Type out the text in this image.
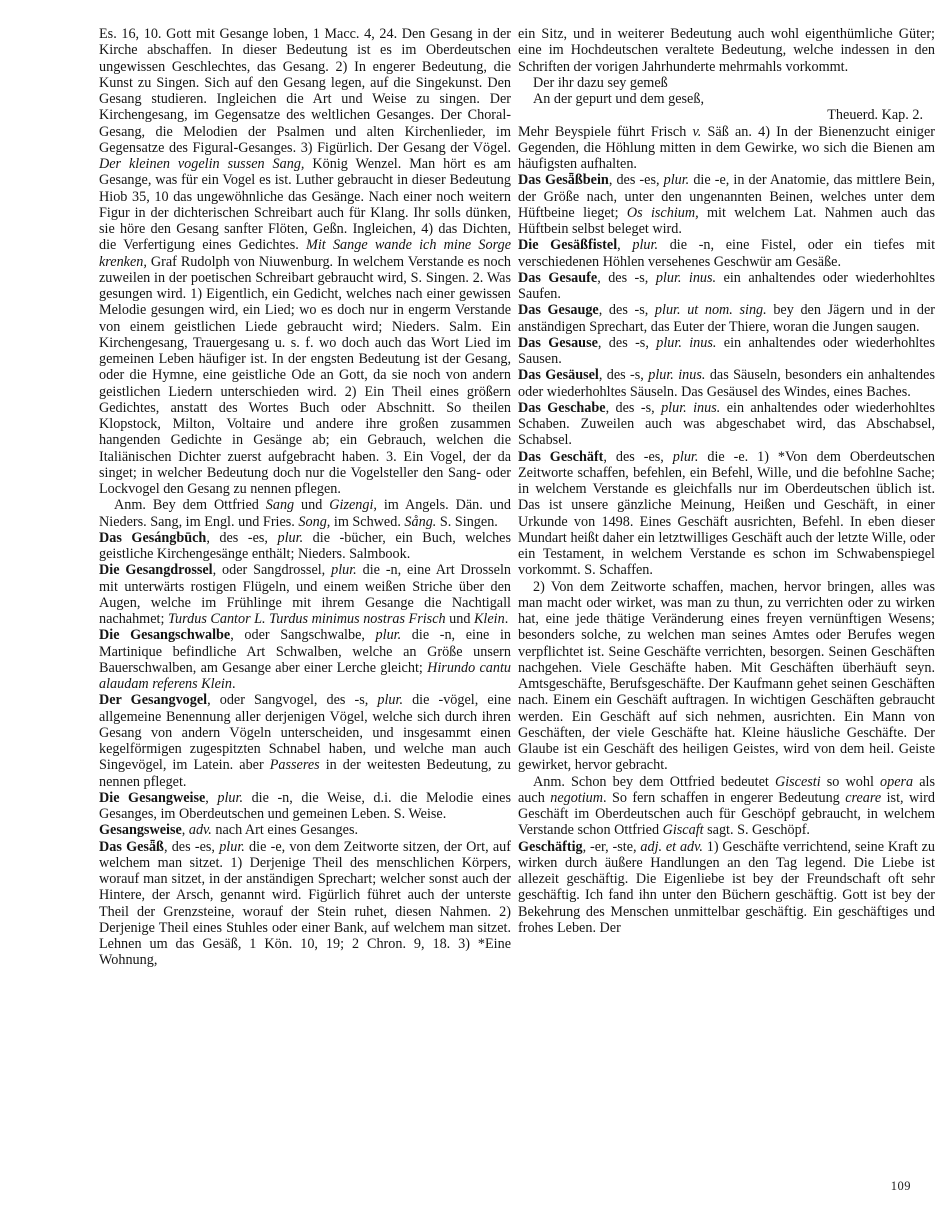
Es. 16, 10. Gott mit Gesange loben, 1 Macc. 4, 24. Den Gesang in der Kirche abschaffen. In dieser Bedeutung ist es im Oberdeutschen ungewissen Geschlechtes, das Gesang. 2) In engerer Bedeutung, die Kunst zu Singen. Sich auf den Gesang legen, auf die Singekunst. Den Gesang studieren. Ingleichen die Art und Weise zu singen. Der Kirchengesang, im Gegensatze des weltlichen Gesanges. Der Choral-Gesang, die Melodien der Psalmen und alten Kirchenlieder, im Gegensatze des Figural-Gesanges. 3) Figürlich. Der Gesang der Vögel. Der kleinen vogelin sussen Sang, König Wenzel. Man hört es am Gesange, was für ein Vogel es ist. Luther gebraucht in dieser Bedeutung Hiob 35, 10 das ungewöhnliche das Gesänge. Nach einer noch weitern Figur in der dichterischen Schreibart auch für Klang. Ihr solls dünken, sie höre den Gesang sanfter Flöten, Geßn. Ingleichen, 4) das Dichten, die Verfertigung eines Gedichtes. Mit Sange wande ich mine Sorge krenken, Graf Rudolph von Niuwenburg. In welchem Verstande es noch zuweilen in der poetischen Schreibart gebraucht wird, S. Singen. 2. Was gesungen wird. 1) Eigentlich, ein Gedicht, welches nach einer gewissen Melodie gesungen wird, ein Lied; wo es doch nur in engerm Verstande von einem geistlichen Liede gebraucht wird; Nieders. Salm. Ein Kirchengesang, Trauergesang u. s. f. wo doch auch das Wort Lied im gemeinen Leben häufiger ist. In der engsten Bedeutung ist der Gesang, oder die Hymne, eine geistliche Ode an Gott, da sie noch von andern geistlichen Liedern unterschieden wird. 2) Ein Theil eines größern Gedichtes, anstatt des Wortes Buch oder Abschnitt. So theilen Klopstock, Milton, Voltaire und andere ihre großen zusammen hangenden Gedichte in Gesänge ab; ein Gebrauch, welchen die Italiänischen Dichter zuerst aufgebracht haben. 3. Ein Vogel, der da singet; in welcher Bedeutung doch nur die Vogelsteller den Sang- oder Lockvogel den Gesang zu nennen pflegen.

Anm. Bey dem Ottfried Sang und Gizengi, im Angels. Dän. und Nieders. Sang, im Engl. und Fries. Song, im Schwed. Sång. S. Singen.

Das Gesángbūch, des -es, plur. die -bücher, ein Buch, welches geistliche Kirchengesänge enthält; Nieders. Salmbook.

Die Gesangdrossel, oder Sangdrossel, plur. die -n, eine Art Drosseln mit unterwärts rostigen Flügeln, und einem weißen Striche über den Augen, welche im Frühlinge mit ihrem Gesange die Nachtigall nachahmet; Turdus Cantor L. Turdus minimus nostras Frisch und Klein.

Die Gesangschwalbe, oder Sangschwalbe, plur. die -n, eine in Martinique befindliche Art Schwalben, welche an Größe unsern Bauerschwalben, am Gesange aber einer Lerche gleicht; Hirundo cantu alaudam referens Klein.

Der Gesangvogel, oder Sangvogel, des -s, plur. die -vögel, eine allgemeine Benennung aller derjenigen Vögel, welche sich durch ihren Gesang von andern Vögeln unterscheiden, und insgesammt einen kegelförmigen zugespitzten Schnabel haben, und welche man auch Singevögel, im Latein. aber Passeres in der weitesten Bedeutung, zu nennen pfleget.

Die Gesangweise, plur. die -n, die Weise, d.i. die Melodie eines Gesanges, im Oberdeutschen und gemeinen Leben. S. Weise.

Gesangsweise, adv. nach Art eines Gesanges.

Das Gesǟß, des -es, plur. die -e, von dem Zeitworte sitzen, der Ort, auf welchem man sitzet. 1) Derjenige Theil des menschlichen Körpers, worauf man sitzet, in der anständigen Sprechart; welcher sonst auch der Hintere, der Arsch, genannt wird. Figürlich führet auch der unterste Theil der Grenzsteine, worauf der Stein ruhet, diesen Nahmen. 2) Derjenige Theil eines Stuhles oder einer Bank, auf welchem man sitzet. Lehnen um das Gesäß, 1 Kön. 10, 19; 2 Chron. 9, 18. 3) *Eine Wohnung,

ein Sitz, und in weiterer Bedeutung auch wohl eigenthümliche Güter; eine im Hochdeutschen veraltete Bedeutung, welche indessen in den Schriften der vorigen Jahrhunderte mehrmahls vorkommt.

Der ihr dazu sey gemeß

An der gepurt und dem geseß,

Theuerd. Kap. 2.

Mehr Beyspiele führt Frisch v. Säß an. 4) In der Bienenzucht einiger Gegenden, die Höhlung mitten in dem Gewirke, wo sich die Bienen am häufigsten aufhalten.

Das Gesǟßbein, des -es, plur. die -e, in der Anatomie, das mittlere Bein, der Größe nach, unter den ungenannten Beinen, welches unter dem Hüftbeine lieget; Os ischium, mit welchem Lat. Nahmen auch das Hüftbein selbst beleget wird.

Die Gesäßfistel, plur. die -n, eine Fistel, oder ein tiefes mit verschiedenen Höhlen versehenes Geschwür am Gesäße.

Das Gesaufe, des -s, plur. inus. ein anhaltendes oder wiederhohltes Saufen.

Das Gesauge, des -s, plur. ut nom. sing. bey den Jägern und in der anständigen Sprechart, das Euter der Thiere, woran die Jungen saugen.

Das Gesause, des -s, plur. inus. ein anhaltendes oder wiederhohltes Sausen.

Das Gesäusel, des -s, plur. inus. das Säuseln, besonders ein anhaltendes oder wiederhohltes Säuseln. Das Gesäusel des Windes, eines Baches.

Das Geschabe, des -s, plur. inus. ein anhaltendes oder wiederhohltes Schaben. Zuweilen auch was abgeschabet wird, das Abschabsel, Schabsel.

Das Geschäft, des -es, plur. die -e. 1) *Von dem Oberdeutschen Zeitworte schaffen, befehlen, ein Befehl, Wille, und die befohlne Sache; in welchem Verstande es gleichfalls nur im Oberdeutschen üblich ist. Das ist unsere gänzliche Meinung, Heißen und Geschäft, in einer Urkunde von 1498. Eines Geschäft ausrichten, Befehl. In eben dieser Mundart heißt daher ein letztwilliges Geschäft auch der letzte Wille, oder ein Testament, in welchem Verstande es schon im Schwabenspiegel vorkommt. S. Schaffen.

2) Von dem Zeitworte schaffen, machen, hervor bringen, alles was man macht oder wirket, was man zu thun, zu verrichten oder zu wirken hat, eine jede thätige Veränderung eines freyen vernünftigen Wesens; besonders solche, zu welchen man seines Amtes oder Berufes wegen verpflichtet ist. Seine Geschäfte verrichten, besorgen. Seinen Geschäften nachgehen. Viele Geschäfte haben. Mit Geschäften überhäuft seyn. Amtsgeschäfte, Berufsgeschäfte. Der Kaufmann gehet seinen Geschäften nach. Einem ein Geschäft auftragen. In wichtigen Geschäften gebraucht werden. Ein Geschäft auf sich nehmen, ausrichten. Ein Mann von Geschäften, der viele Geschäfte hat. Kleine häusliche Geschäfte. Der Glaube ist ein Geschäft des heiligen Geistes, wird von dem heil. Geiste gewirket, hervor gebracht.

Anm. Schon bey dem Ottfried bedeutet Giscesti so wohl opera als auch negotium. So fern schaffen in engerer Bedeutung creare ist, wird Geschäft im Oberdeutschen auch für Geschöpf gebraucht, in welchem Verstande schon Ottfried Giscaft sagt. S. Geschöpf.

Geschäftig, -er, -ste, adj. et adv. 1) Geschäfte verrichtend, seine Kraft zu wirken durch äußere Handlungen an den Tag legend. Die Liebe ist allezeit geschäftig. Die Eigenliebe ist bey der Freundschaft oft sehr geschäftig. Ich fand ihn unter den Büchern geschäftig. Gott ist bey der Bekehrung des Menschen unmittelbar geschäftig. Ein geschäftiges und frohes Leben. Der

109
